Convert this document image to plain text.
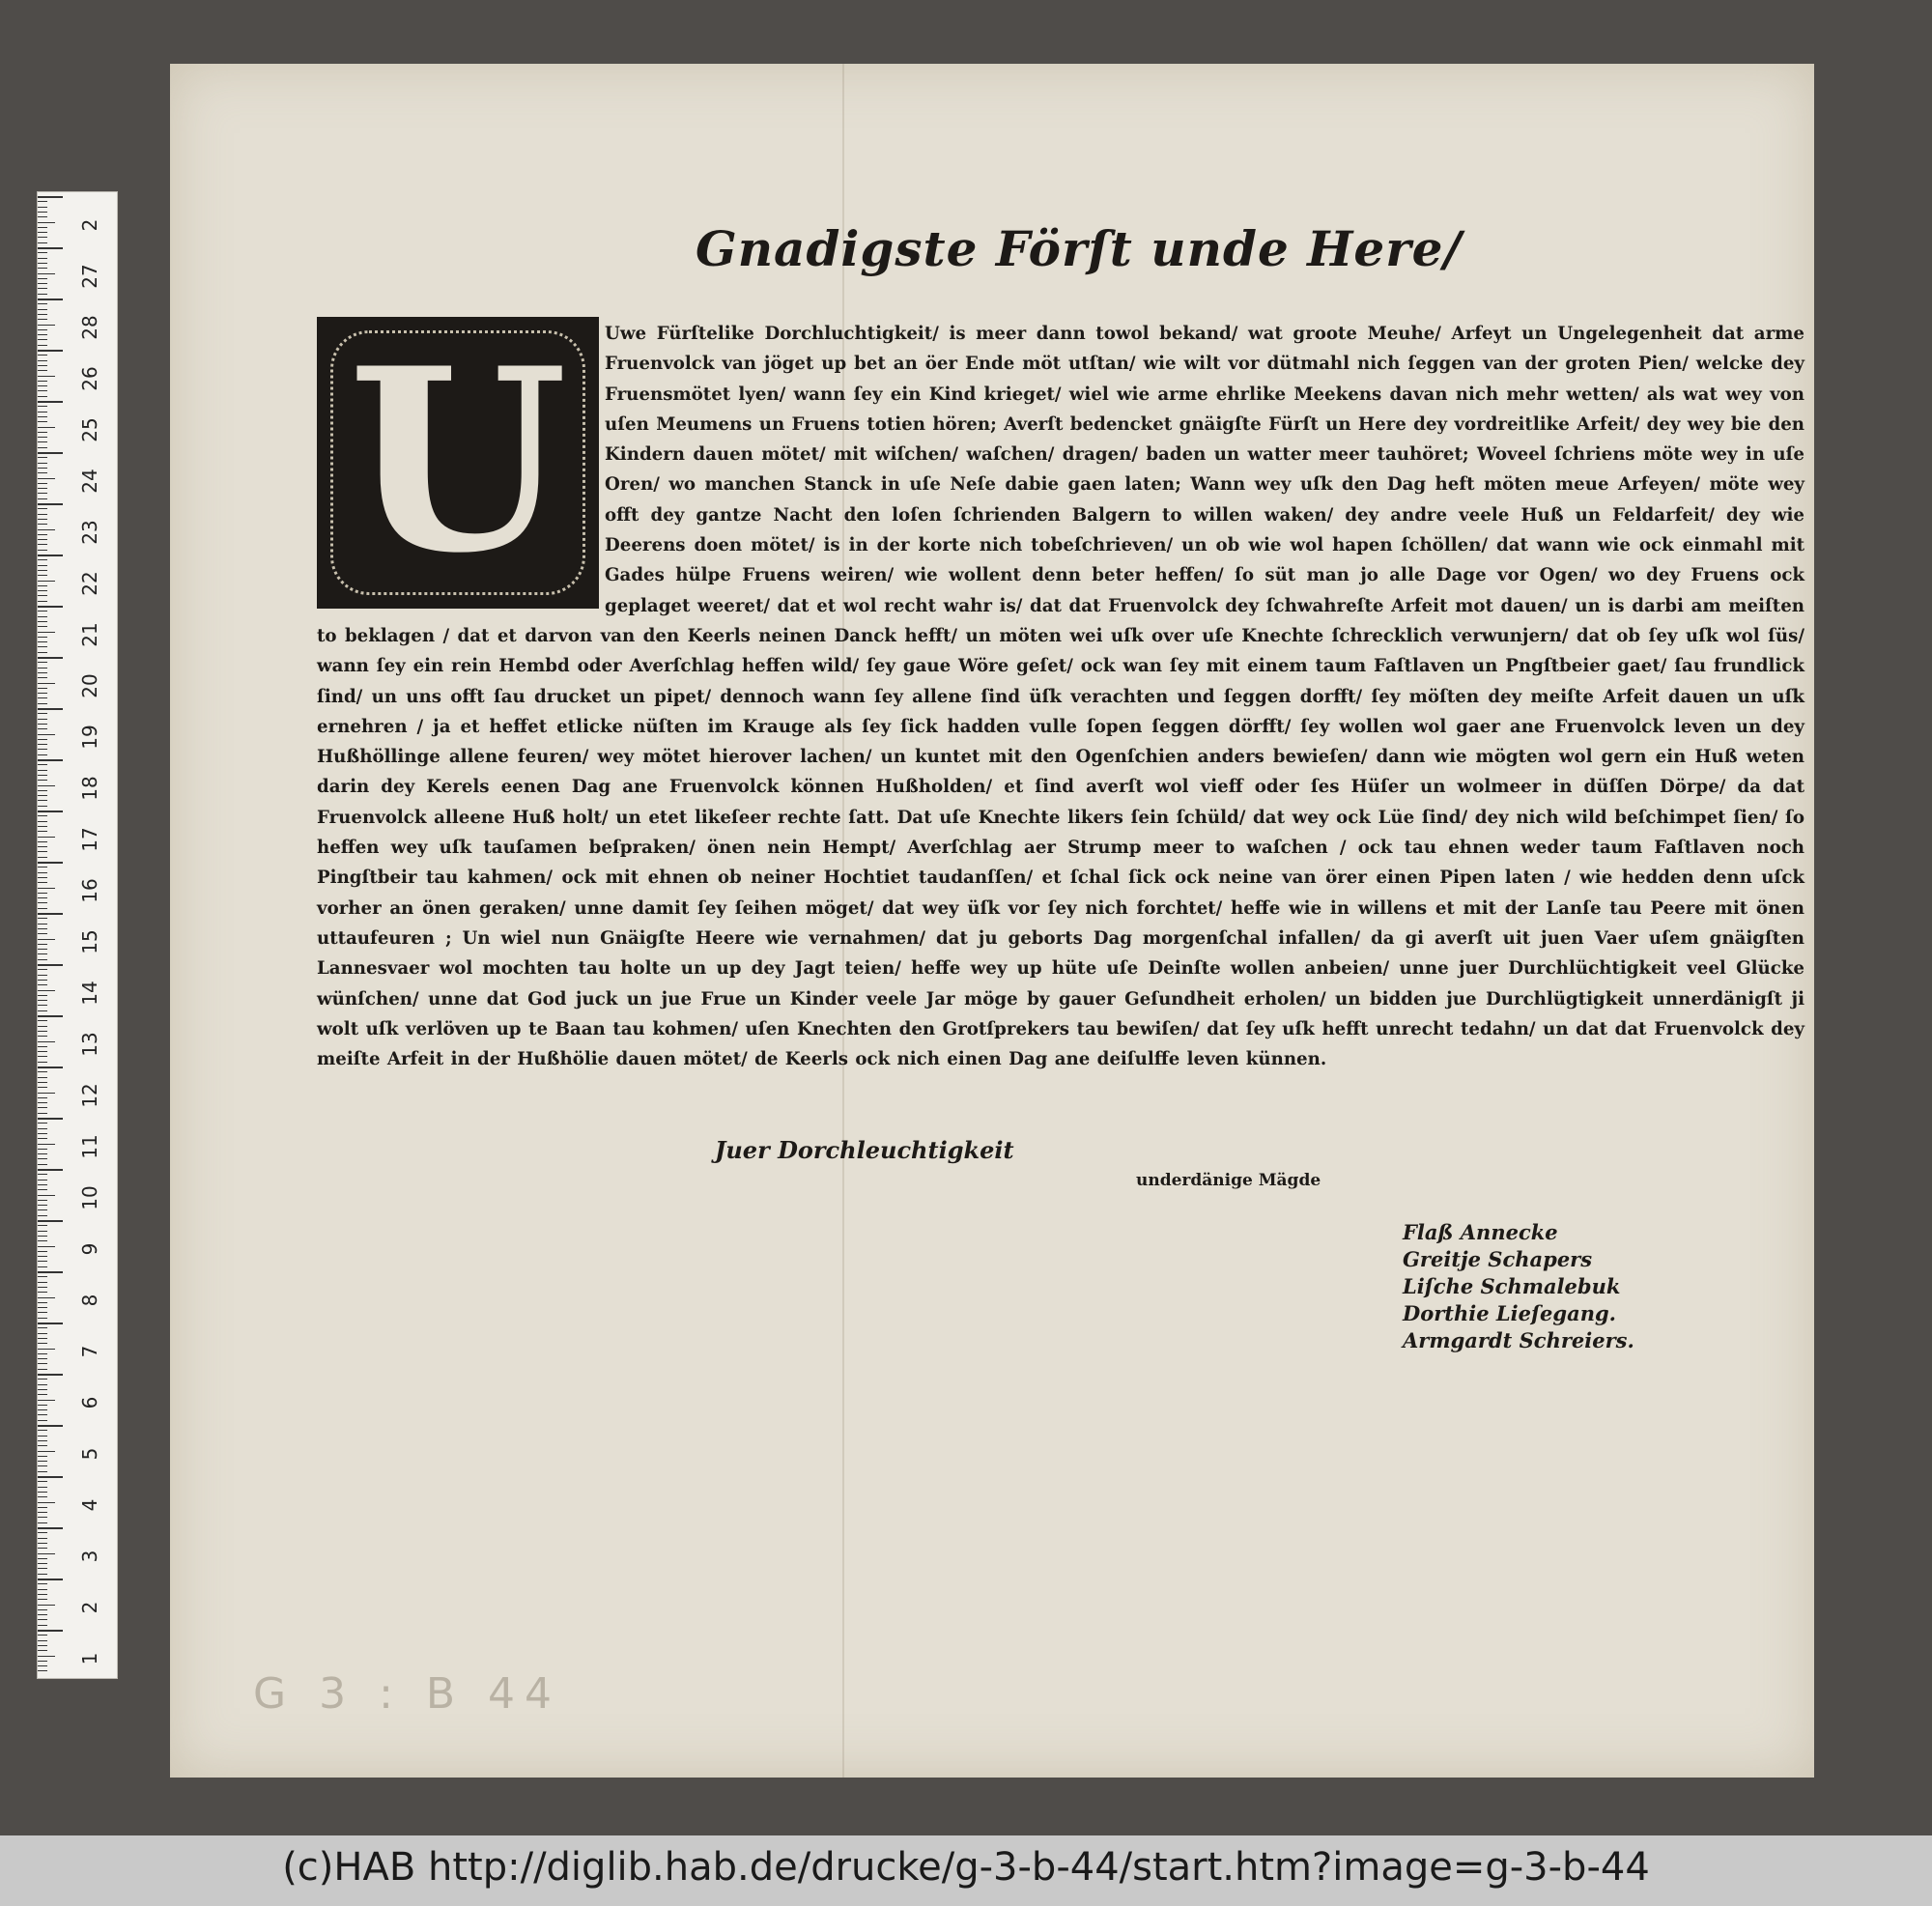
2
27
28
26
25
24
23
22
21
20
19
18
17
16
15
14
13
12
11
10
9
8
7
6
5
4
3
2
1
Gnadigste Förſt unde Here/
U	Uwe Fürſtelike Dorchluchtigkeit/ is meer dann towol bekand/ wat groote Meuhe/ Arfeyt un Ungelegenheit dat arme Fruenvolck van jöget up bet an öer Ende möt utſtan/ wie wilt vor dütmahl nich ſeggen van der groten Pien/ welcke dey Fruensmötet lyen/ wann ſey ein Kind krieget/ wiel wie arme ehrlike Meekens davan nich mehr wetten/ als wat wey von uſen Meumens un Fruens totien hören; Averſt bedencket gnäigſte Fürſt un Here dey vordreitlike Arfeit/ dey wey bie den Kindern dauen mötet/ mit wiſchen/ waſchen/ dragen/ baden un watter meer tauhöret; Woveel ſchriens möte wey in uſe Oren/ wo manchen Stanck in uſe Neſe dabie gaen laten; Wann wey uſk den Dag heft möten meue Arfeyen/ möte wey offt dey gantze Nacht den loſen ſchrienden Balgern to willen waken/ dey andre veele Huß un Feldarfeit/ dey wie Deerens doen mötet/ is in der korte nich tobeſchrieven/ un ob wie wol hapen ſchöllen/ dat wann wie ock einmahl mit Gades hülpe Fruens weiren/ wie wollent denn beter heffen/ ſo süt man jo alle Dage vor Ogen/ wo dey Fruens ock geplaget weeret/ dat et wol recht wahr is/ dat dat Fruenvolck dey ſchwahreſte Arfeit mot dauen/ un is darbi am meiſten to beklagen / dat et darvon van den Keerls neinen Danck hefft/ un möten wei uſk over uſe Knechte ſchrecklich verwunjern/ dat ob ſey uſk wol ſüs/ wann ſey ein rein Hembd oder Averſchlag heffen wild/ ſey gaue Wöre geſet/ ock wan ſey mit einem taum Faſtlaven un Pngſtbeier gaet/ ſau frundlick ſind/ un uns offt ſau drucket un pipet/ dennoch wann ſey allene ſind üſk verachten und ſeggen dorfft/ ſey möſten dey meiſte Arfeit dauen un uſk ernehren / ja et heffet etlicke nüſten im Krauge als ſey ſick hadden vulle ſopen ſeggen dörfft/ ſey wollen wol gaer ane Fruenvolck leven un dey Hußhöllinge allene feuren/ wey mötet hierover lachen/ un kuntet mit den Ogenſchien anders bewieſen/ dann wie mögten wol gern ein Huß weten darin dey Kerels eenen Dag ane Fruenvolck können Hußholden/ et ſind averſt wol vieff oder ſes Hüſer un wolmeer in düſſen Dörpe/ da dat Fruenvolck alleene Huß holt/ un etet likeſeer rechte ſatt. Dat uſe Knechte likers ſein ſchüld/ dat wey ock Lüe ſind/ dey nich wild beſchimpet ſien/ ſo heffen wey uſk tauſamen beſpraken/ önen nein Hempt/ Averſchlag aer Strump meer to waſchen / ock tau ehnen weder taum Faſtlaven noch Pingſtbeir tau kahmen/ ock mit ehnen ob neiner Hochtiet taudanſſen/ et ſchal ſick ock neine van örer einen Pipen laten / wie hedden denn uſck vorher an önen geraken/ unne damit ſey ſeihen möget/ dat wey üſk vor ſey nich forchtet/ heffe wie in willens et mit der Lanſe tau Peere mit önen uttaufeuren ; Un wiel nun Gnäigſte Heere wie vernahmen/ dat ju geborts Dag morgenſchal infallen/ da gi averſt uit juen Vaer uſem gnäigſten Lannesvaer wol mochten tau holte un up dey Jagt teien/ heffe wey up hüte uſe Deinſte wollen anbeien/ unne juer Durchlüchtigkeit veel Glücke wünſchen/ unne dat God juck un jue Frue un Kinder veele Jar möge by gauer Geſundheit erholen/ un bidden jue Durchlügtigkeit unnerdänigſt ji wolt uſk verlöven up te Baan tau kohmen/ uſen Knechten den Grotſprekers tau bewiſen/ dat ſey uſk hefft unrecht tedahn/ un dat dat Fruenvolck dey meiſte Arfeit in der Hußhölie dauen mötet/ de Keerls ock nich einen Dag ane deiſulffe leven künnen.
Juer Dorchleuchtigkeit
underdänige Mägde
Flaß Annecke
Greitje Schapers
Liſche Schmalebuk
Dorthie Lieſegang.
Armgardt Schreiers.
G 3 : B 44
(c)HAB http://diglib.hab.de/drucke/g-3-b-44/start.htm?image=g-3-b-44
